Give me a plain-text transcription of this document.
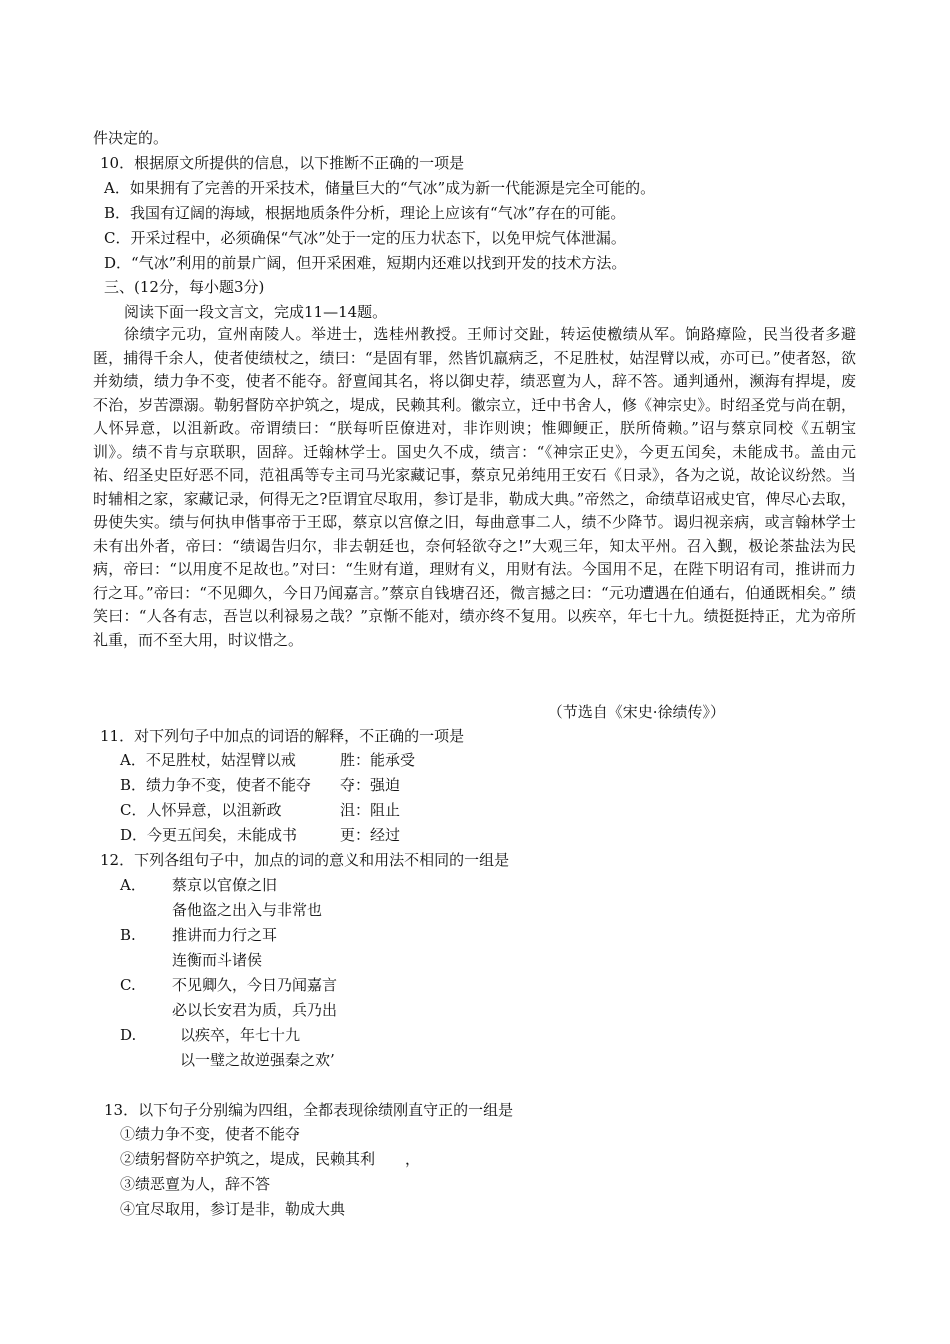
件决定的。
10．根据原文所提供的信息，以下推断不正确的一项是
A．如果拥有了完善的开采技术，储量巨大的“气冰”成为新一代能源是完全可能的。
B．我国有辽阔的海域，根据地质条件分析，理论上应该有“气冰”存在的可能。
C．开采过程中，必须确保“气冰”处于一定的压力状态下，以免甲烷气体泄漏。
D．“气冰”利用的前景广阔，但开采困难，短期内还难以找到开发的技术方法。
三、(12分，每小题3分)
阅读下面一段文言文，完成11—14题。
徐绩字元功，宣州南陵人。举进士，选桂州教授。王师讨交趾，转运使檄绩从军。饷路瘴险，民当役者多避匿，捕得千余人，使者使绩杖之，绩曰：“是固有罪，然皆饥羸病乏，不足胜杖，姑涅臂以戒，亦可已。”使者怒，欲并劾绩，绩力争不变，使者不能夺。舒亶闻其名，将以御史荐，绩恶亶为人，辞不答。通判通州，濒海有捍堤，废不治，岁苦漂溺。勒躬督防卒护筑之，堤成，民赖其利。徽宗立，迁中书舍人，修《神宗史》。时绍圣党与尚在朝，人怀异意，以沮新政。帝谓绩曰：“朕每听臣僚进对，非诈则谀；惟卿鲠正，朕所倚赖。”诏与蔡京同校《五朝宝训》。绩不肯与京联职，固辞。迁翰林学士。国史久不成，绩言：“《神宗正史》，今更五闰矣，未能成书。盖由元祐、绍圣史臣好恶不同，范祖禹等专主司马光家藏记事，蔡京兄弟纯用王安石《日录》，各为之说，故论议纷然。当时辅相之家，家藏记录，何得无之?臣谓宜尽取用，参订是非，勒成大典。”帝然之，命绩草诏戒史官，俾尽心去取，毋使失实。绩与何执申偕事帝于王邸，蔡京以宫僚之旧，每曲意事二人，绩不少降节。谒归视亲病，或言翰林学士未有出外者，帝曰：“绩谒告归尔，非去朝廷也，奈何轻欲夺之!”大观三年，知太平州。召入觐，极论茶盐法为民病，帝曰：“以用度不足故也。”对曰：“生财有道，理财有义，用财有法。今国用不足，在陛下明诏有司，推讲而力行之耳。”帝曰：“不见卿久，今日乃闻嘉言。”蔡京自钱塘召还，微言撼之曰：“元功遭遇在伯通右，伯通既相矣。” 绩笑曰：“人各有志，吾岂以利禄易之哉？”京惭不能对，绩亦终不复用。以疾卒，年七十九。绩挺挺持正，尤为帝所礼重，而不至大用，时议惜之。
（节选自《宋史·徐绩传》）
11．对下列句子中加点的词语的解释，不正确的一项是
A．不足胜杖，姑涅臂以戒	胜：能承受
B．绩力争不变，使者不能夺 夺：强迫
C．人怀异意，以沮新政	沮：阻止
D．今更五闰矣，未能成书	更：经过
12．下列各组句子中，加点的词的意义和用法不相同的一组是
A． 蔡京以官僚之旧
备他盗之出入与非常也
B. 推讲而力行之耳
连衡而斗诸侯
C. 不见卿久，今日乃闻嘉言
必以长安君为质，兵乃出
D.	以疾卒，年七十九
以一璧之故逆强秦之欢’
13．以下句子分别编为四组，全都表现徐绩刚直守正的一组是
①绩力争不变，使者不能夺
②绩躬督防卒护筑之，堤成，民赖其利　　，
③绩恶亶为人，辞不答
④宜尽取用，参订是非，勒成大典
